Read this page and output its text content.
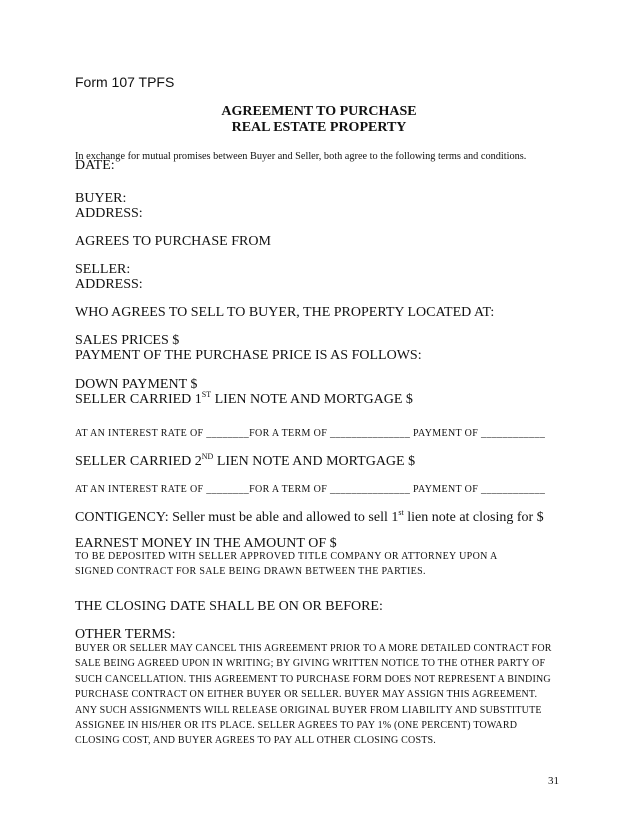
Form 107 TPFS
AGREEMENT TO PURCHASE
REAL ESTATE PROPERTY
In exchange for mutual promises between Buyer and Seller, both agree to the following terms and conditions.
DATE:
BUYER:
ADDRESS:
AGREES TO PURCHASE FROM
SELLER:
ADDRESS:
WHO AGREES TO SELL TO BUYER, THE PROPERTY LOCATED AT:
SALES PRICES $
PAYMENT OF THE PURCHASE PRICE IS AS FOLLOWS:
DOWN PAYMENT $
SELLER CARRIED 1ST LIEN NOTE AND MORTGAGE $
AT AN INTEREST RATE OF ________FOR A TERM OF _______________ PAYMENT OF ____________
SELLER CARRIED 2ND LIEN NOTE AND MORTGAGE $
AT AN INTEREST RATE OF ________FOR A TERM OF _______________ PAYMENT OF ____________
CONTIGENCY: Seller must be able and allowed to sell 1st lien note at closing for $
EARNEST MONEY IN THE AMOUNT OF $
TO BE DEPOSITED WITH SELLER APPROVED TITLE COMPANY OR ATTORNEY UPON A
SIGNED CONTRACT FOR SALE BEING DRAWN BETWEEN THE PARTIES.
THE CLOSING DATE SHALL BE ON OR BEFORE:
OTHER TERMS:
BUYER OR SELLER MAY CANCEL THIS AGREEMENT PRIOR TO A MORE DETAILED CONTRACT FOR
SALE BEING AGREED UPON IN WRITING; BY GIVING WRITTEN NOTICE TO THE OTHER PARTY OF
SUCH CANCELLATION. THIS AGREEMENT TO PURCHASE FORM DOES NOT REPRESENT A BINDING
PURCHASE CONTRACT ON EITHER BUYER OR SELLER. BUYER MAY ASSIGN THIS AGREEMENT.
ANY SUCH ASSIGNMENTS WILL RELEASE ORIGINAL BUYER FROM LIABILITY AND SUBSTITUTE
ASSIGNEE IN HIS/HER OR ITS PLACE. SELLER AGREES TO PAY 1% (ONE PERCENT) TOWARD
CLOSING COST, AND BUYER AGREES TO PAY ALL OTHER CLOSING COSTS.
31
